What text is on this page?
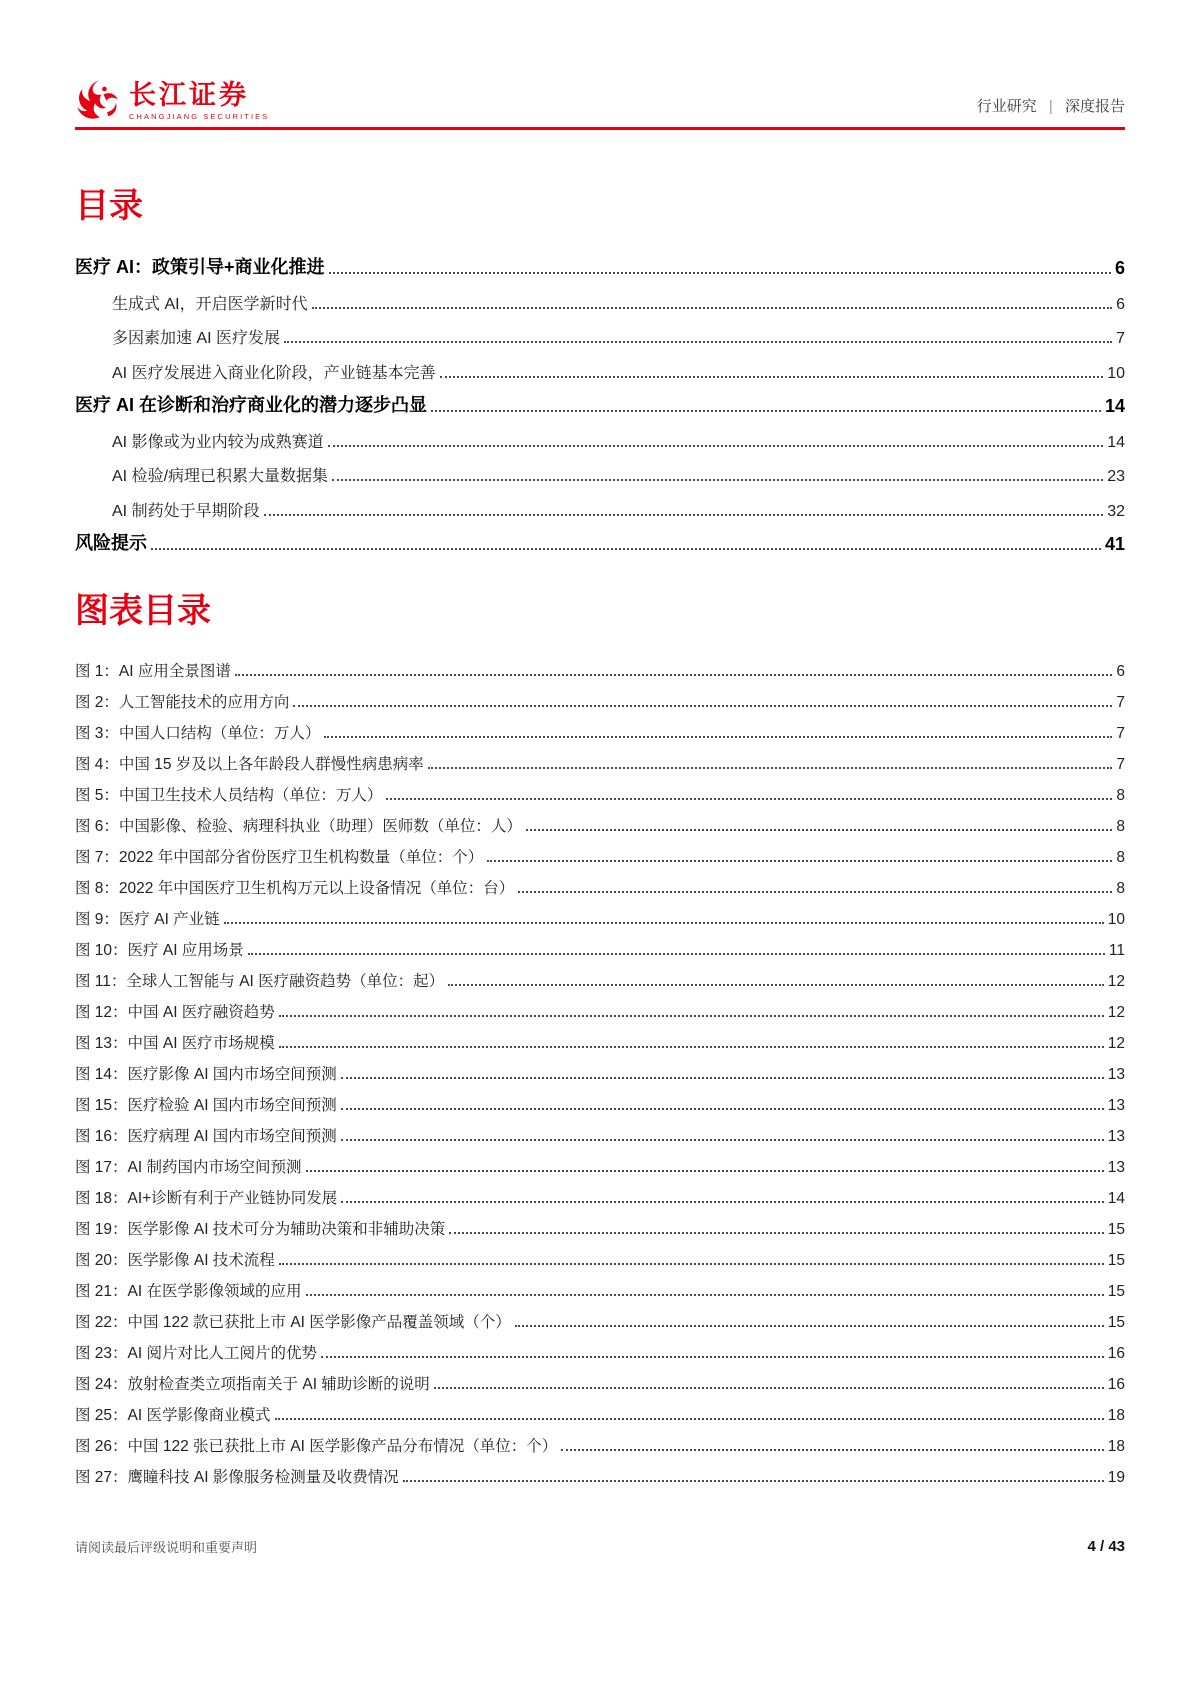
长江证券
CHANGJIANG SECURITIES
行业研究 | 深度报告
目录
医疗 AI：政策引导+商业化推进	6
生成式 AI，开启医学新时代	6
多因素加速 AI 医疗发展	7
AI 医疗发展进入商业化阶段，产业链基本完善	10
医疗 AI 在诊断和治疗商业化的潜力逐步凸显	14
AI 影像或为业内较为成熟赛道	14
AI 检验/病理已积累大量数据集	23
AI 制药处于早期阶段	32
风险提示	41
图表目录
图 1：AI 应用全景图谱	6
图 2：人工智能技术的应用方向	7
图 3：中国人口结构（单位：万人）	7
图 4：中国 15 岁及以上各年龄段人群慢性病患病率	7
图 5：中国卫生技术人员结构（单位：万人）	8
图 6：中国影像、检验、病理科执业（助理）医师数（单位：人）	8
图 7：2022 年中国部分省份医疗卫生机构数量（单位：个）	8
图 8：2022 年中国医疗卫生机构万元以上设备情况（单位：台）	8
图 9：医疗 AI 产业链	10
图 10：医疗 AI 应用场景	11
图 11：全球人工智能与 AI 医疗融资趋势（单位：起）	12
图 12：中国 AI 医疗融资趋势	12
图 13：中国 AI 医疗市场规模	12
图 14：医疗影像 AI 国内市场空间预测	13
图 15：医疗检验 AI 国内市场空间预测	13
图 16：医疗病理 AI 国内市场空间预测	13
图 17：AI 制药国内市场空间预测	13
图 18：AI+诊断有利于产业链协同发展	14
图 19：医学影像 AI 技术可分为辅助决策和非辅助决策	15
图 20：医学影像 AI 技术流程	15
图 21：AI 在医学影像领域的应用	15
图 22：中国 122 款已获批上市 AI 医学影像产品覆盖领域（个）	15
图 23：AI 阅片对比人工阅片的优势	16
图 24：放射检查类立项指南关于 AI 辅助诊断的说明	16
图 25：AI 医学影像商业模式	18
图 26：中国 122 张已获批上市 AI 医学影像产品分布情况（单位：个）	18
图 27：鹰瞳科技 AI 影像服务检测量及收费情况	19
请阅读最后评级说明和重要声明	4 / 43
